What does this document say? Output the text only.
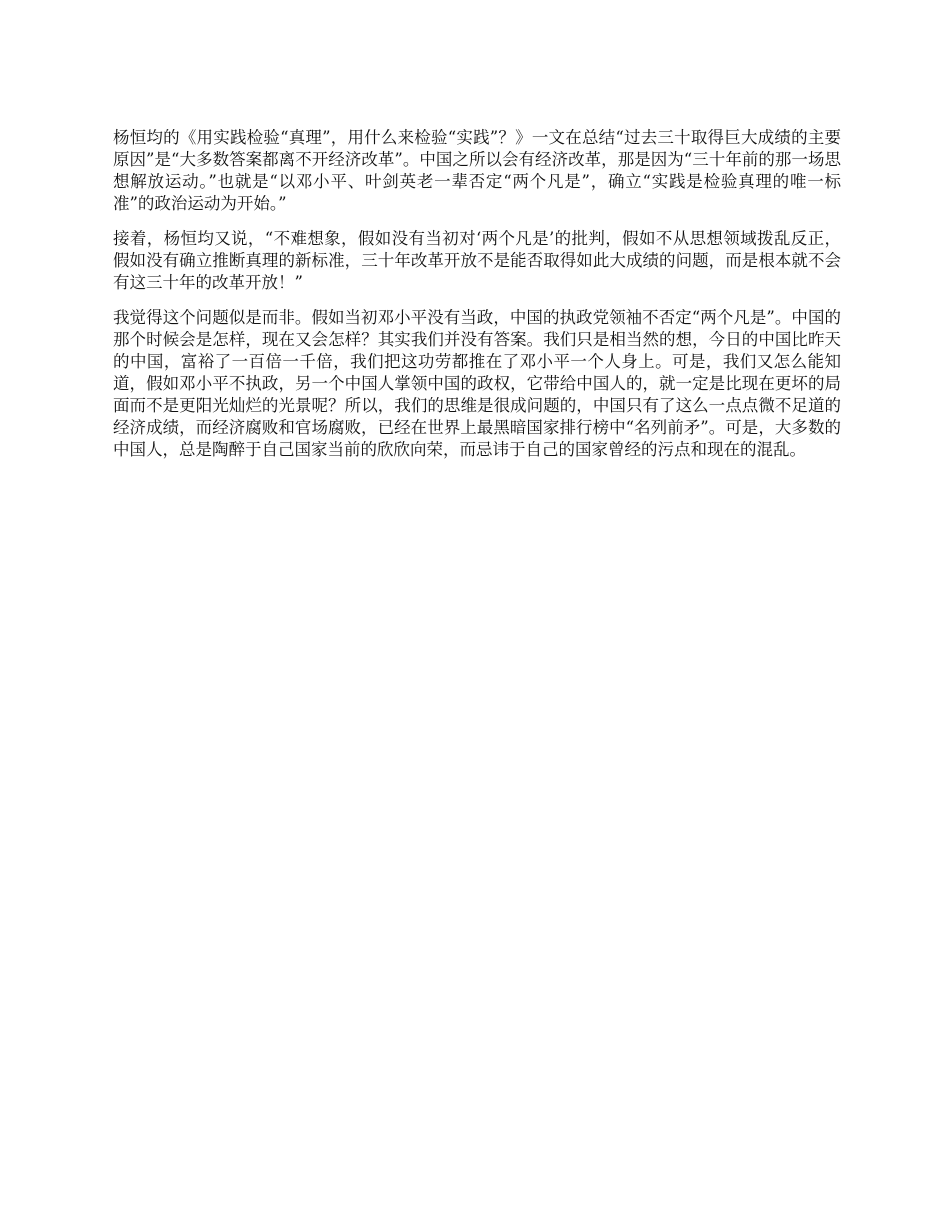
杨恒均的《用实践检验“真理”，用什么来检验“实践”？》一文在总结“过去三十取得巨大成绩的主要原因”是“大多数答案都离不开经济改革”。中国之所以会有经济改革，那是因为“三十年前的那一场思想解放运动。”也就是“以邓小平、叶剑英老一辈否定“两个凡是”，确立“实践是检验真理的唯一标准”的政治运动为开始。”

接着，杨恒均又说，“不难想象，假如没有当初对‘两个凡是’的批判，假如不从思想领域拨乱反正，假如没有确立推断真理的新标准，三十年改革开放不是能否取得如此大成绩的问题，而是根本就不会有这三十年的改革开放！”

我觉得这个问题似是而非。假如当初邓小平没有当政，中国的执政党领袖不否定“两个凡是”。中国的那个时候会是怎样，现在又会怎样？其实我们并没有答案。我们只是相当然的想，今日的中国比昨天的中国，富裕了一百倍一千倍，我们把这功劳都推在了邓小平一个人身上。可是，我们又怎么能知道，假如邓小平不执政，另一个中国人掌领中国的政权，它带给中国人的，就一定是比现在更坏的局面而不是更阳光灿烂的光景呢？所以，我们的思维是很成问题的，中国只有了这么一点点微不足道的经济成绩，而经济腐败和官场腐败，已经在世界上最黑暗国家排行榜中“名列前矛”。可是，大多数的中国人，总是陶醉于自己国家当前的欣欣向荣，而忌讳于自己的国家曾经的污点和现在的混乱。
